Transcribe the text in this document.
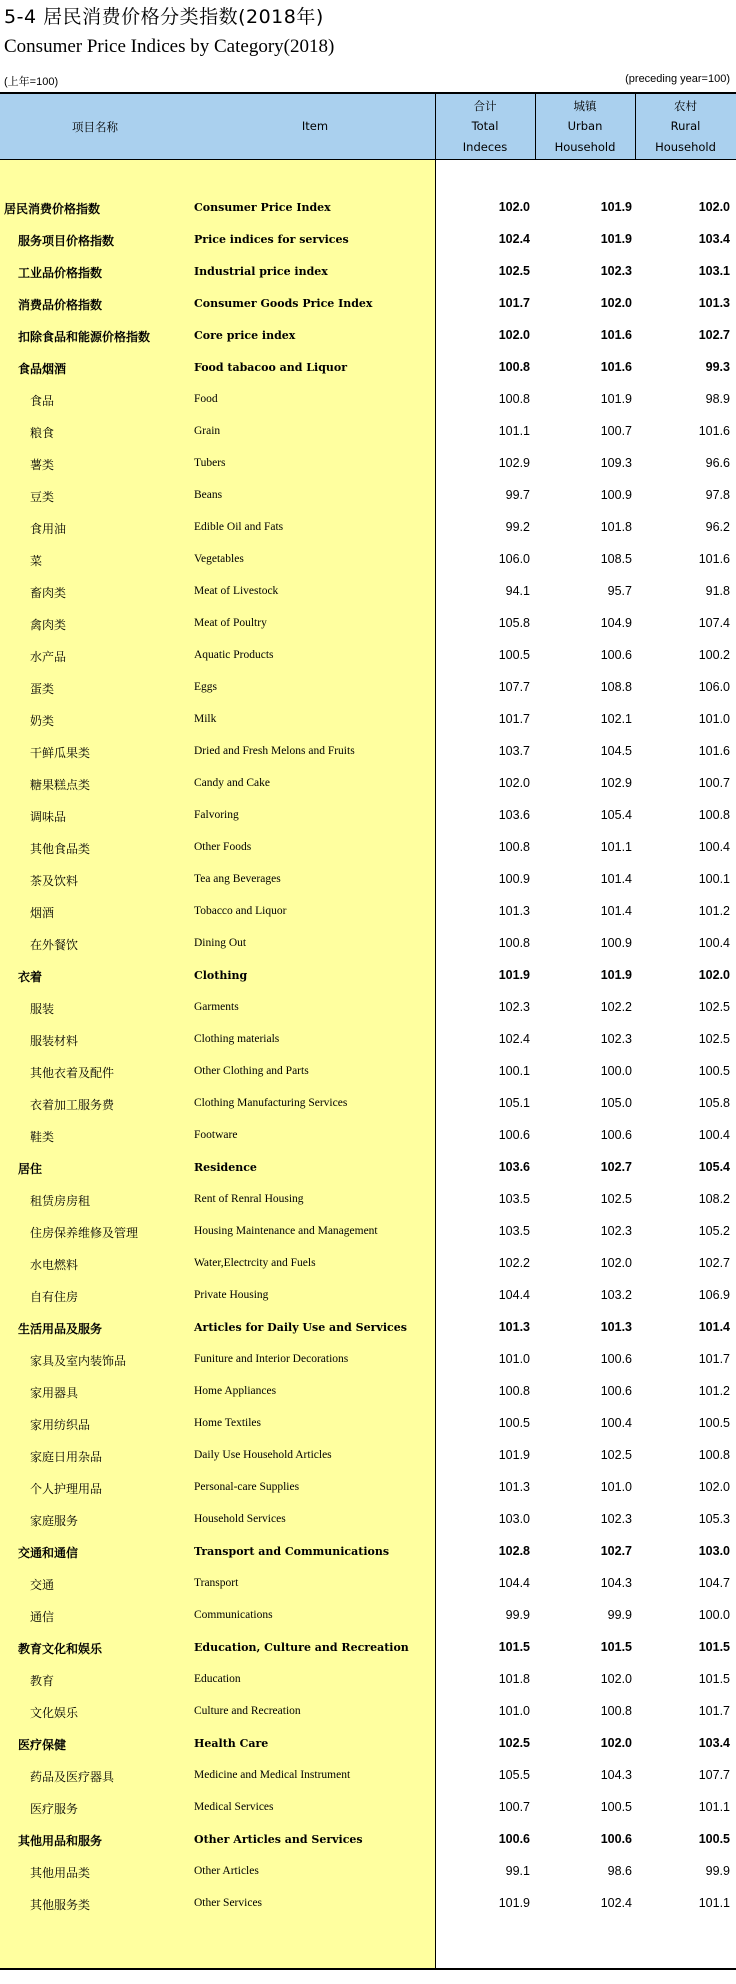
5-4 居民消费价格分类指数(2018年)
Consumer Price Indices by Category(2018)
(上年=100)	(preceding year=100)
项目名称	Item
合计
Total
Indeces
城镇
Urban
Household
农村
Rural
Household
居民消费价格指数	Consumer Price Index	102.0	101.9	102.0
服务项目价格指数	Price indices for services	102.4	101.9	103.4
工业品价格指数	Industrial price index	102.5	102.3	103.1
消费品价格指数	Consumer Goods Price Index	101.7	102.0	101.3
扣除食品和能源价格指数	Core price index	102.0	101.6	102.7
食品烟酒	Food tabacoo and Liquor	100.8	101.6	99.3
食品	Food	100.8	101.9	98.9
粮食	Grain	101.1	100.7	101.6
薯类	Tubers	102.9	109.3	96.6
豆类	Beans	99.7	100.9	97.8
食用油	Edible Oil and Fats	99.2	101.8	96.2
菜	Vegetables	106.0	108.5	101.6
畜肉类	Meat of Livestock	94.1	95.7	91.8
禽肉类	Meat of Poultry	105.8	104.9	107.4
水产品	Aquatic Products	100.5	100.6	100.2
蛋类	Eggs	107.7	108.8	106.0
奶类	Milk	101.7	102.1	101.0
干鲜瓜果类	Dried and Fresh Melons and Fruits	103.7	104.5	101.6
糖果糕点类	Candy and Cake	102.0	102.9	100.7
调味品	Falvoring	103.6	105.4	100.8
其他食品类	Other Foods	100.8	101.1	100.4
茶及饮料	Tea ang Beverages	100.9	101.4	100.1
烟酒	Tobacco and Liquor	101.3	101.4	101.2
在外餐饮	Dining Out	100.8	100.9	100.4
衣着	Clothing	101.9	101.9	102.0
服装	Garments	102.3	102.2	102.5
服装材料	Clothing materials	102.4	102.3	102.5
其他衣着及配件	Other Clothing and Parts	100.1	100.0	100.5
衣着加工服务费	Clothing Manufacturing Services	105.1	105.0	105.8
鞋类	Footware	100.6	100.6	100.4
居住	Residence	103.6	102.7	105.4
租赁房房租	Rent of Renral Housing	103.5	102.5	108.2
住房保养维修及管理	Housing Maintenance and Management	103.5	102.3	105.2
水电燃料	Water,Electrcity and Fuels	102.2	102.0	102.7
自有住房	Private Housing	104.4	103.2	106.9
生活用品及服务	Articles for Daily Use and Services	101.3	101.3	101.4
家具及室内装饰品	Funiture and Interior Decorations	101.0	100.6	101.7
家用器具	Home Appliances	100.8	100.6	101.2
家用纺织品	Home Textiles	100.5	100.4	100.5
家庭日用杂品	Daily Use Household Articles	101.9	102.5	100.8
个人护理用品	Personal-care Supplies	101.3	101.0	102.0
家庭服务	Household Services	103.0	102.3	105.3
交通和通信	Transport and Communications	102.8	102.7	103.0
交通	Transport	104.4	104.3	104.7
通信	Communications	99.9	99.9	100.0
教育文化和娱乐	Education, Culture and Recreation	101.5	101.5	101.5
教育	Education	101.8	102.0	101.5
文化娱乐	Culture and Recreation	101.0	100.8	101.7
医疗保健	Health Care	102.5	102.0	103.4
药品及医疗器具	Medicine and Medical Instrument	105.5	104.3	107.7
医疗服务	Medical Services	100.7	100.5	101.1
其他用品和服务	Other Articles and Services	100.6	100.6	100.5
其他用品类	Other Articles	99.1	98.6	99.9
其他服务类	Other Services	101.9	102.4	101.1
